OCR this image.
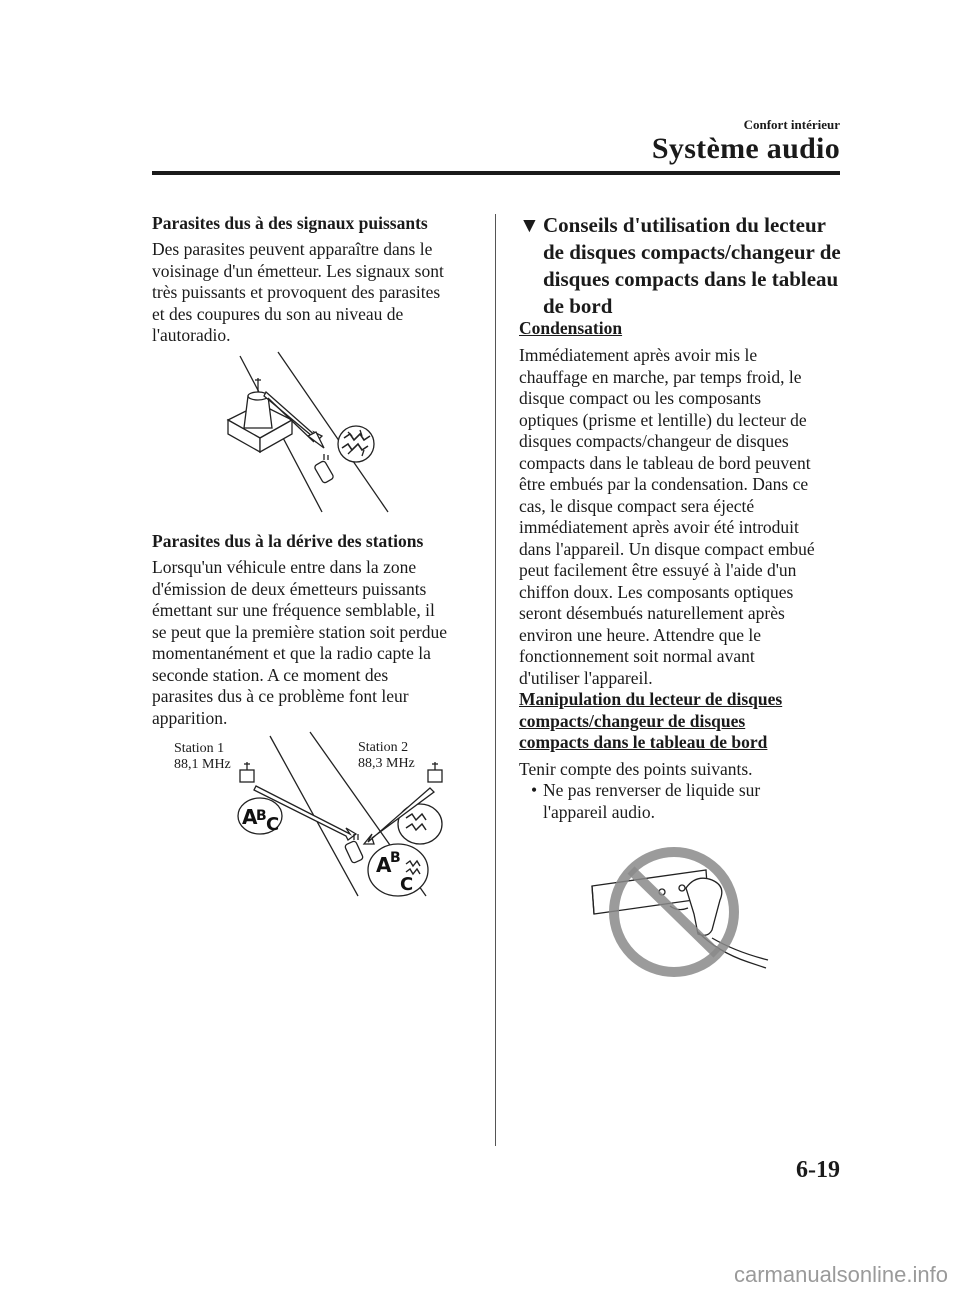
Confort intérieur
Système audio
Parasites dus à des signaux puissants

Des parasites peuvent apparaître dans le

voisinage d'un émetteur. Les signaux sont

très puissants et provoquent des parasites

et des coupures du son au niveau de

l'autoradio.

Parasites dus à la dérive des stations

Lorsqu'un véhicule entre dans la zone

d'émission de deux émetteurs puissants

émettant sur une fréquence semblable, il

se peut que la première station soit perdue

momentanément et que la radio capte la

seconde station. A ce moment des

parasites dus à ce problème font leur

apparition.

Station 1
88,1 MHz
Station 2
88,3 MHz
A
B C
A
B
C
▼ Conseils d'utilisation du lecteur
de disques compacts/changeur de
disques compacts dans le tableau
de bord
Condensation

Immédiatement après avoir mis le

chauffage en marche, par temps froid, le

disque compact ou les composants

optiques (prisme et lentille) du lecteur de

disques compacts/changeur de disques

compacts dans le tableau de bord peuvent

être embués par la condensation. Dans ce

cas, le disque compact sera éjecté

immédiatement après avoir été introduit

dans l'appareil. Un disque compact embué

peut facilement être essuyé à l'aide d'un

chiffon doux. Les composants optiques

seront désembués naturellement après

environ une heure. Attendre que le

fonctionnement soit normal avant

d'utiliser l'appareil.

Manipulation du lecteur de disques

compacts/changeur de disques

compacts dans le tableau de bord

Tenir compte des points suivants.
• Ne pas renverser de liquide sur

l'appareil audio.

6-19
carmanualsonline.info
